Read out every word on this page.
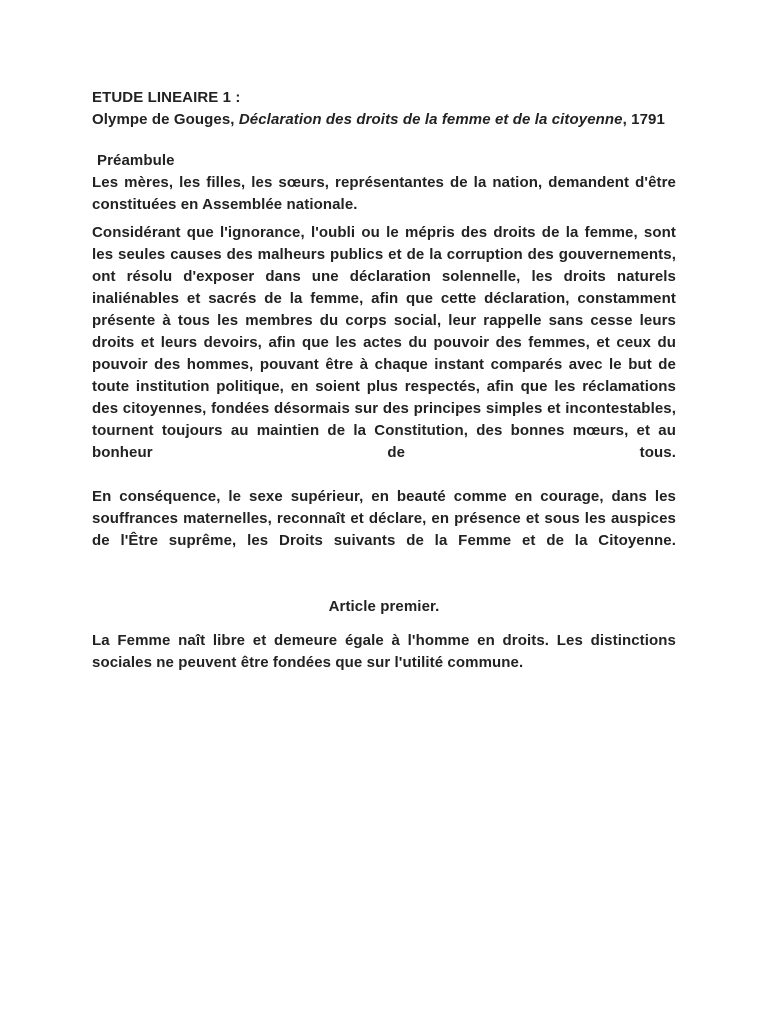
ETUDE LINEAIRE 1 :

Olympe de Gouges, Déclaration des droits de la femme et de la citoyenne, 1791

Préambule

Les mères, les filles, les sœurs, représentantes de la nation, demandent d'être constituées en Assemblée nationale.

Considérant que l'ignorance, l'oubli ou le mépris des droits de la femme, sont les seules causes des malheurs publics et de la corruption des gouvernements, ont résolu d'exposer dans une déclaration solennelle, les droits naturels inaliénables et sacrés de la femme, afin que cette déclaration, constamment présente à tous les membres du corps social, leur rappelle sans cesse leurs droits et leurs devoirs, afin que les actes du pouvoir des femmes, et ceux du pouvoir des hommes, pouvant être à chaque instant comparés avec le but de toute institution politique, en soient plus respectés, afin que les réclamations des citoyennes, fondées désormais sur des principes simples et incontestables, tournent toujours au maintien de la Constitution, des bonnes mœurs, et au bonheur de tous.

En conséquence, le sexe supérieur, en beauté comme en courage, dans les souffrances maternelles, reconnaît et déclare, en présence et sous les auspices de l'Être suprême, les Droits suivants de la Femme et de la Citoyenne.

Article premier.

La Femme naît libre et demeure égale à l'homme en droits. Les distinctions sociales ne peuvent être fondées que sur l'utilité commune.
